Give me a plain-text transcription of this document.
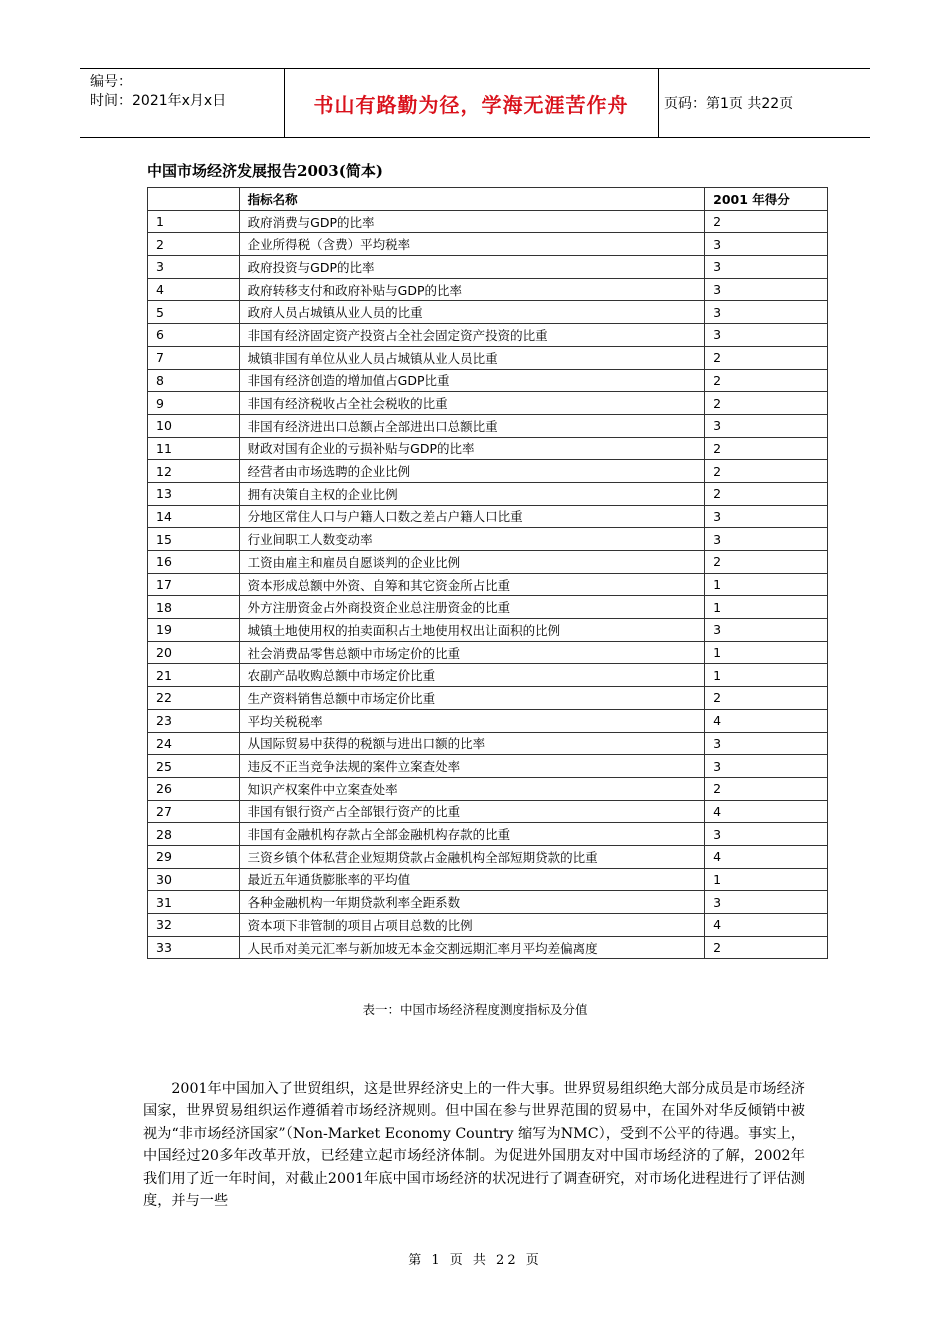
编号：
时间：2021年x月x日	书山有路勤为径，学海无涯苦作舟	页码：第1页 共22页
中国市场经济发展报告2003(简本)
	指标名称	2001 年得分
1	政府消费与GDP的比率	2
2	企业所得税（含费）平均税率	3
3	政府投资与GDP的比率	3
4	政府转移支付和政府补贴与GDP的比率	3
5	政府人员占城镇从业人员的比重	3
6	非国有经济固定资产投资占全社会固定资产投资的比重	3
7	城镇非国有单位从业人员占城镇从业人员比重	2
8	非国有经济创造的增加值占GDP比重	2
9	非国有经济税收占全社会税收的比重	2
10	非国有经济进出口总额占全部进出口总额比重	3
11	财政对国有企业的亏损补贴与GDP的比率	2
12	经营者由市场选聘的企业比例	2
13	拥有决策自主权的企业比例	2
14	分地区常住人口与户籍人口数之差占户籍人口比重	3
15	行业间职工人数变动率	3
16	工资由雇主和雇员自愿谈判的企业比例	2
17	资本形成总额中外资、自筹和其它资金所占比重	1
18	外方注册资金占外商投资企业总注册资金的比重	1
19	城镇土地使用权的拍卖面积占土地使用权出让面积的比例	3
20	社会消费品零售总额中市场定价的比重	1
21	农副产品收购总额中市场定价比重	1
22	生产资料销售总额中市场定价比重	2
23	平均关税税率	4
24	从国际贸易中获得的税额与进出口额的比率	3
25	违反不正当竞争法规的案件立案查处率	3
26	知识产权案件中立案查处率	2
27	非国有银行资产占全部银行资产的比重	4
28	非国有金融机构存款占全部金融机构存款的比重	3
29	三资乡镇个体私营企业短期贷款占金融机构全部短期贷款的比重	4
30	最近五年通货膨胀率的平均值	1
31	各种金融机构一年期贷款利率全距系数	3
32	资本项下非管制的项目占项目总数的比例	4
33	人民币对美元汇率与新加坡无本金交割远期汇率月平均差偏离度	2
表一：中国市场经济程度测度指标及分值
2001年中国加入了世贸组织，这是世界经济史上的一件大事。世界贸易组织绝大部分成员是市场经济国家，世界贸易组织运作遵循着市场经济规则。但中国在参与世界范围的贸易中，在国外对华反倾销中被视为“非市场经济国家”（Non-Market Economy Country 缩写为NMC），受到不公平的待遇。事实上，中国经过20多年改革开放，已经建立起市场经济体制。为促进外国朋友对中国市场经济的了解，2002年我们用了近一年时间，对截止2001年底中国市场经济的状况进行了调查研究，对市场化进程进行了评估测度，并与一些
第 1 页 共 22 页
